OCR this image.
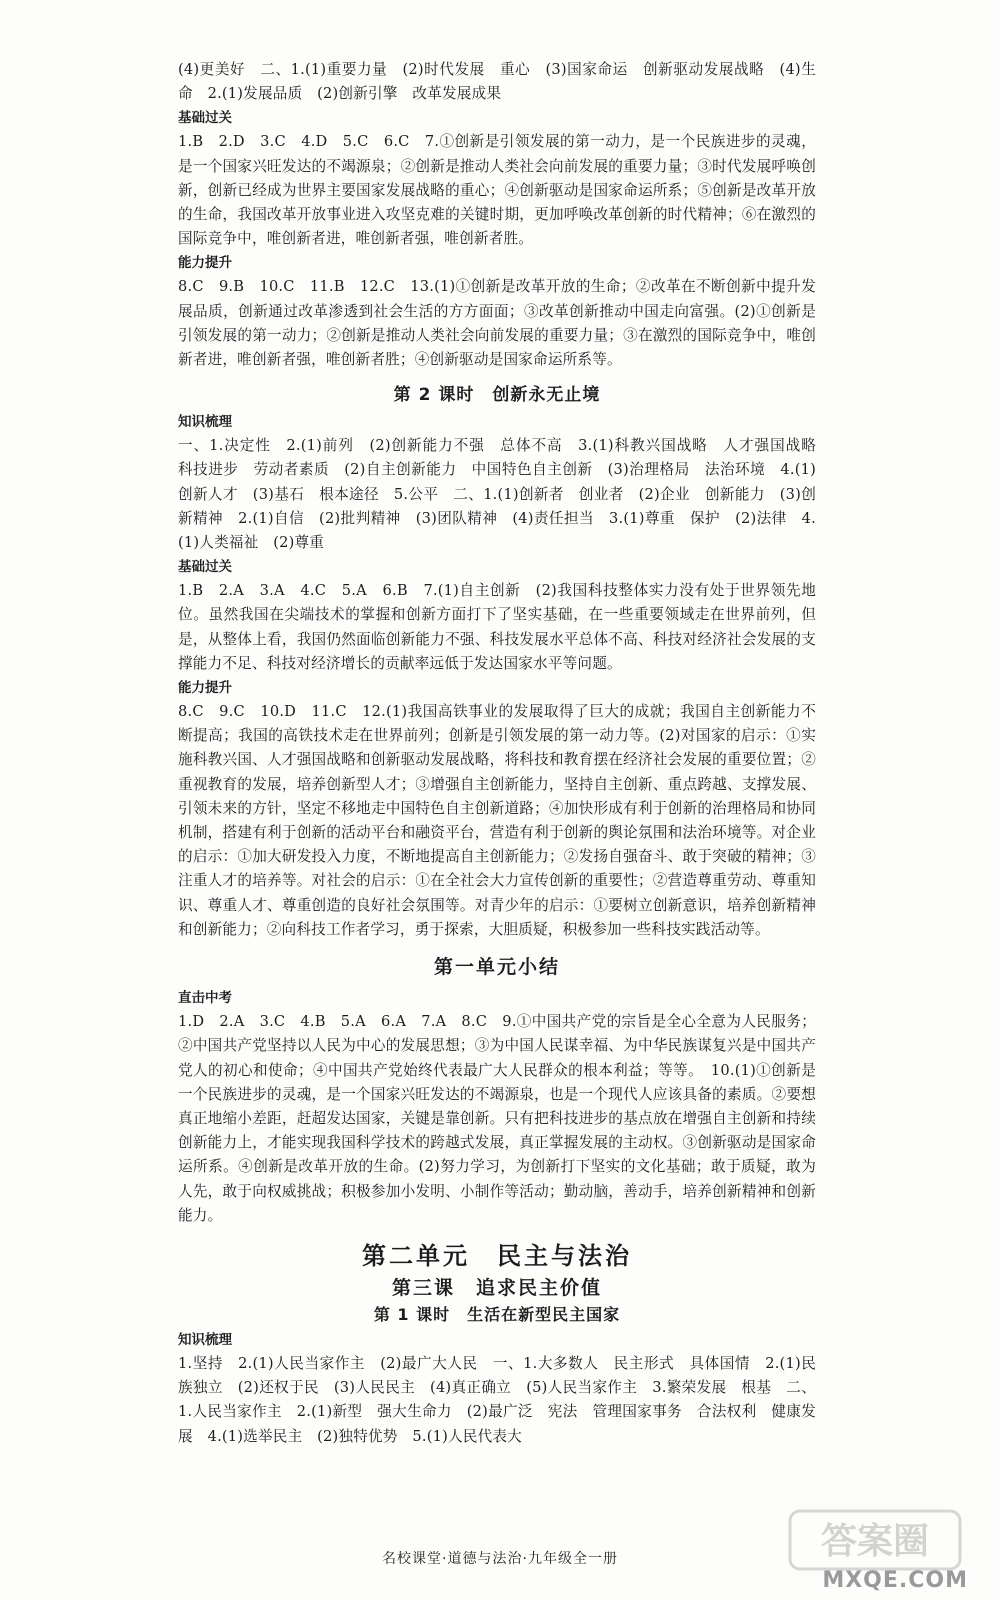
(4)更美好　二、1.(1)重要力量　(2)时代发展　重心　(3)国家命运　创新驱动发展战略　(4)生命　2.(1)发展品质　(2)创新引擎　改革发展成果

基础过关

1.B　2.D　3.C　4.D　5.C　6.C　7.①创新是引领发展的第一动力，是一个民族进步的灵魂，是一个国家兴旺发达的不竭源泉；②创新是推动人类社会向前发展的重要力量；③时代发展呼唤创新，创新已经成为世界主要国家发展战略的重心；④创新驱动是国家命运所系；⑤创新是改革开放的生命，我国改革开放事业进入攻坚克难的关键时期，更加呼唤改革创新的时代精神；⑥在激烈的国际竞争中，唯创新者进，唯创新者强，唯创新者胜。

能力提升

8.C　9.B　10.C　11.B　12.C　13.(1)①创新是改革开放的生命；②改革在不断创新中提升发展品质，创新通过改革渗透到社会生活的方方面面；③改革创新推动中国走向富强。(2)①创新是引领发展的第一动力；②创新是推动人类社会向前发展的重要力量；③在激烈的国际竞争中，唯创新者进，唯创新者强，唯创新者胜；④创新驱动是国家命运所系等。

第 2 课时　创新永无止境
知识梳理

一、1.决定性　2.(1)前列　(2)创新能力不强　总体不高　3.(1)科教兴国战略　人才强国战略　科技进步　劳动者素质　(2)自主创新能力　中国特色自主创新　(3)治理格局　法治环境　4.(1)创新人才　(3)基石　根本途径　5.公平　二、1.(1)创新者　创业者　(2)企业　创新能力　(3)创新精神　2.(1)自信　(2)批判精神　(3)团队精神　(4)责任担当　3.(1)尊重　保护　(2)法律　4.(1)人类福祉　(2)尊重

基础过关

1.B　2.A　3.A　4.C　5.A　6.B　7.(1)自主创新　(2)我国科技整体实力没有处于世界领先地位。虽然我国在尖端技术的掌握和创新方面打下了坚实基础，在一些重要领域走在世界前列，但是，从整体上看，我国仍然面临创新能力不强、科技发展水平总体不高、科技对经济社会发展的支撑能力不足、科技对经济增长的贡献率远低于发达国家水平等问题。

能力提升

8.C　9.C　10.D　11.C　12.(1)我国高铁事业的发展取得了巨大的成就；我国自主创新能力不断提高；我国的高铁技术走在世界前列；创新是引领发展的第一动力等。(2)对国家的启示：①实施科教兴国、人才强国战略和创新驱动发展战略，将科技和教育摆在经济社会发展的重要位置；②重视教育的发展，培养创新型人才；③增强自主创新能力，坚持自主创新、重点跨越、支撑发展、引领未来的方针，坚定不移地走中国特色自主创新道路；④加快形成有利于创新的治理格局和协同机制，搭建有利于创新的活动平台和融资平台，营造有利于创新的舆论氛围和法治环境等。对企业的启示：①加大研发投入力度，不断地提高自主创新能力；②发扬自强奋斗、敢于突破的精神；③注重人才的培养等。对社会的启示：①在全社会大力宣传创新的重要性；②营造尊重劳动、尊重知识、尊重人才、尊重创造的良好社会氛围等。对青少年的启示：①要树立创新意识，培养创新精神和创新能力；②向科技工作者学习，勇于探索，大胆质疑，积极参加一些科技实践活动等。

第一单元小结
直击中考

1.D　2.A　3.C　4.B　5.A　6.A　7.A　8.C　9.①中国共产党的宗旨是全心全意为人民服务；②中国共产党坚持以人民为中心的发展思想；③为中国人民谋幸福、为中华民族谋复兴是中国共产党人的初心和使命；④中国共产党始终代表最广大人民群众的根本利益；等等。　10.(1)①创新是一个民族进步的灵魂，是一个国家兴旺发达的不竭源泉，也是一个现代人应该具备的素质。②要想真正地缩小差距，赶超发达国家，关键是靠创新。只有把科技进步的基点放在增强自主创新和持续创新能力上，才能实现我国科学技术的跨越式发展，真正掌握发展的主动权。③创新驱动是国家命运所系。④创新是改革开放的生命。(2)努力学习，为创新打下坚实的文化基础；敢于质疑，敢为人先，敢于向权威挑战；积极参加小发明、小制作等活动；勤动脑，善动手，培养创新精神和创新能力。

第二单元　民主与法治
第三课　追求民主价值
第 1 课时　生活在新型民主国家
知识梳理

1.坚持　2.(1)人民当家作主　(2)最广大人民　一、1.大多数人　民主形式　具体国情　2.(1)民族独立　(2)还权于民　(3)人民民主　(4)真正确立　(5)人民当家作主　3.繁荣发展　根基　二、1.人民当家作主　2.(1)新型　强大生命力　(2)最广泛　宪法　管理国家事务　合法权利　健康发展　4.(1)选举民主　(2)独特优势　5.(1)人民代表大

名校课堂·道德与法治·九年级全一册	答案圈
MXQE.COM
